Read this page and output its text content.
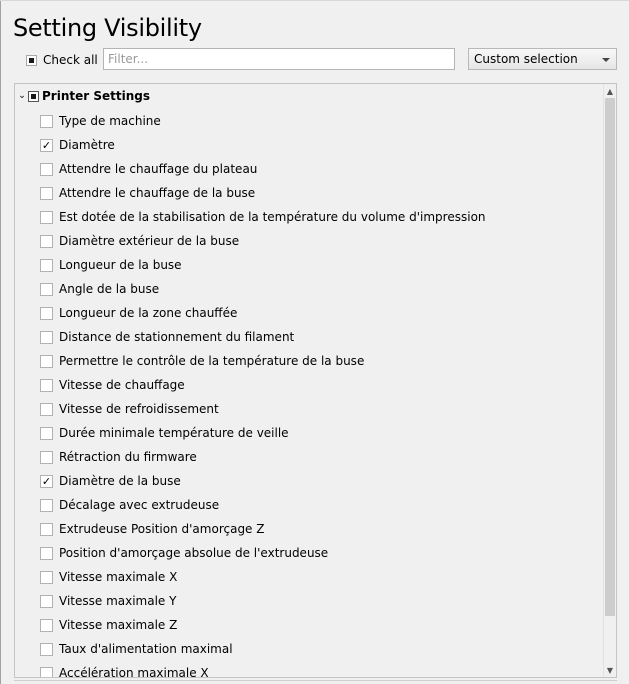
Setting Visibility
Check all
Filter...	Custom selection
⌄ Printer Settings
Type de machine
✓ Diamètre
Attendre le chauffage du plateau
Attendre le chauffage de la buse
Est dotée de la stabilisation de la température du volume d'impression
Diamètre extérieur de la buse
Longueur de la buse
Angle de la buse
Longueur de la zone chauffée
Distance de stationnement du filament
Permettre le contrôle de la température de la buse
Vitesse de chauffage
Vitesse de refroidissement
Durée minimale température de veille
Rétraction du firmware
✓ Diamètre de la buse
Décalage avec extrudeuse
Extrudeuse Position d'amorçage Z
Position d'amorçage absolue de l'extrudeuse
Vitesse maximale X
Vitesse maximale Y
Vitesse maximale Z
Taux d'alimentation maximal
Accélération maximale X
▲
▼
